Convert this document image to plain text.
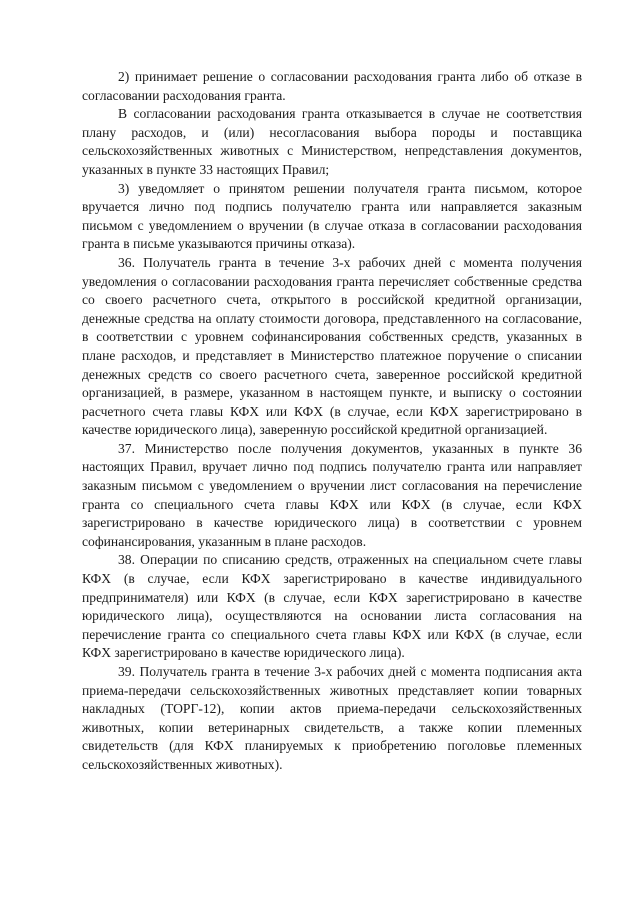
2) принимает решение о согласовании расходования гранта либо об отказе в согласовании расходования гранта.

В согласовании расходования гранта отказывается в случае не соответствия плану расходов, и (или) несогласования выбора породы и поставщика сельскохозяйственных животных с Министерством, непредставления документов, указанных в пункте 33 настоящих Правил;

3) уведомляет о принятом решении получателя гранта письмом, которое вручается лично под подпись получателю гранта или направляется заказным письмом с уведомлением о вручении (в случае отказа в согласовании расходования гранта в письме указываются причины отказа).

36. Получатель гранта в течение 3-х рабочих дней с момента получения уведомления о согласовании расходования гранта перечисляет собственные средства со своего расчетного счета, открытого в российской кредитной организации, денежные средства на оплату стоимости договора, представленного на согласование, в соответствии с уровнем софинансирования собственных средств, указанных в плане расходов, и представляет в Министерство платежное поручение о списании денежных средств со своего расчетного счета, заверенное российской кредитной организацией, в размере, указанном в настоящем пункте, и выписку о состоянии расчетного счета главы КФХ или КФХ (в случае, если КФХ зарегистрировано в качестве юридического лица), заверенную российской кредитной организацией.

37. Министерство после получения документов, указанных в пункте 36 настоящих Правил, вручает лично под подпись получателю гранта или направляет заказным письмом с уведомлением о вручении лист согласования на перечисление гранта со специального счета главы КФХ или КФХ (в случае, если КФХ зарегистрировано в качестве юридического лица) в соответствии с уровнем софинансирования, указанным в плане расходов.

38. Операции по списанию средств, отраженных на специальном счете главы КФХ (в случае, если КФХ зарегистрировано в качестве индивидуального предпринимателя) или КФХ (в случае, если КФХ зарегистрировано в качестве юридического лица), осуществляются на основании листа согласования на перечисление гранта со специального счета главы КФХ или КФХ (в случае, если КФХ зарегистрировано в качестве юридического лица).

39. Получатель гранта в течение 3-х рабочих дней с момента подписания акта приема-передачи сельскохозяйственных животных представляет копии товарных накладных (ТОРГ-12), копии актов приема-передачи сельскохозяйственных животных, копии ветеринарных свидетельств, а также копии племенных свидетельств (для КФХ планируемых к приобретению поголовье племенных сельскохозяйственных животных).
